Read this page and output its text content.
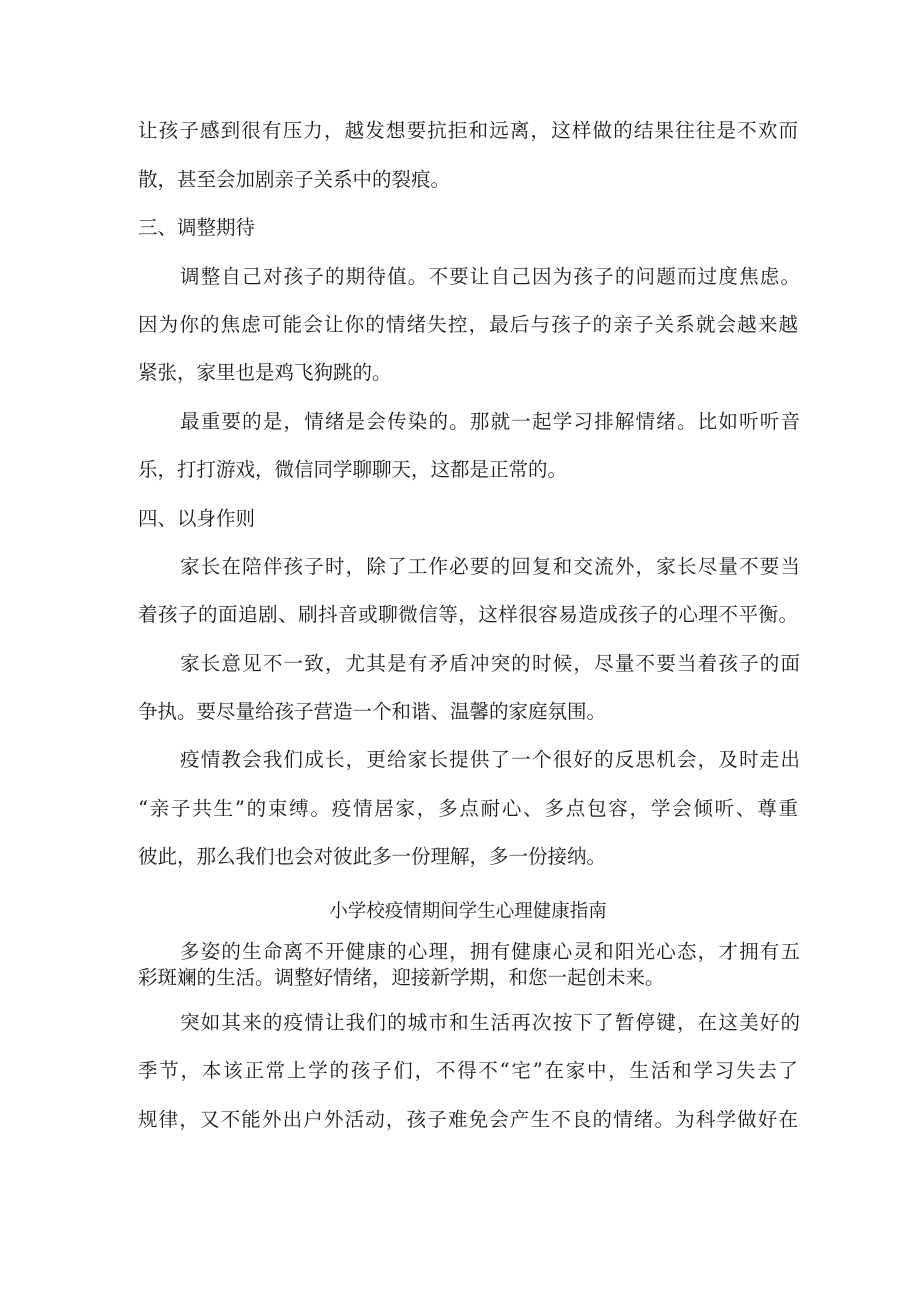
让孩子感到很有压力，越发想要抗拒和远离，这样做的结果往往是不欢而
散，甚至会加剧亲子关系中的裂痕。
三、调整期待
调整自己对孩子的期待值。不要让自己因为孩子的问题而过度焦虑。
因为你的焦虑可能会让你的情绪失控，最后与孩子的亲子关系就会越来越
紧张，家里也是鸡飞狗跳的。
最重要的是，情绪是会传染的。那就一起学习排解情绪。比如听听音
乐，打打游戏，微信同学聊聊天，这都是正常的。
四、以身作则
家长在陪伴孩子时，除了工作必要的回复和交流外，家长尽量不要当
着孩子的面追剧、刷抖音或聊微信等，这样很容易造成孩子的心理不平衡。
家长意见不一致，尤其是有矛盾冲突的时候，尽量不要当着孩子的面
争执。要尽量给孩子营造一个和谐、温馨的家庭氛围。
疫情教会我们成长，更给家长提供了一个很好的反思机会，及时走出
“亲子共生”的束缚。疫情居家，多点耐心、多点包容，学会倾听、尊重
彼此，那么我们也会对彼此多一份理解，多一份接纳。
小学校疫情期间学生心理健康指南
多姿的生命离不开健康的心理，拥有健康心灵和阳光心态，才拥有五
彩斑斓的生活。调整好情绪，迎接新学期，和您一起创未来。
突如其来的疫情让我们的城市和生活再次按下了暂停键，在这美好的
季节，本该正常上学的孩子们，不得不“宅”在家中，生活和学习失去了
规律，又不能外出户外活动，孩子难免会产生不良的情绪。为科学做好在
